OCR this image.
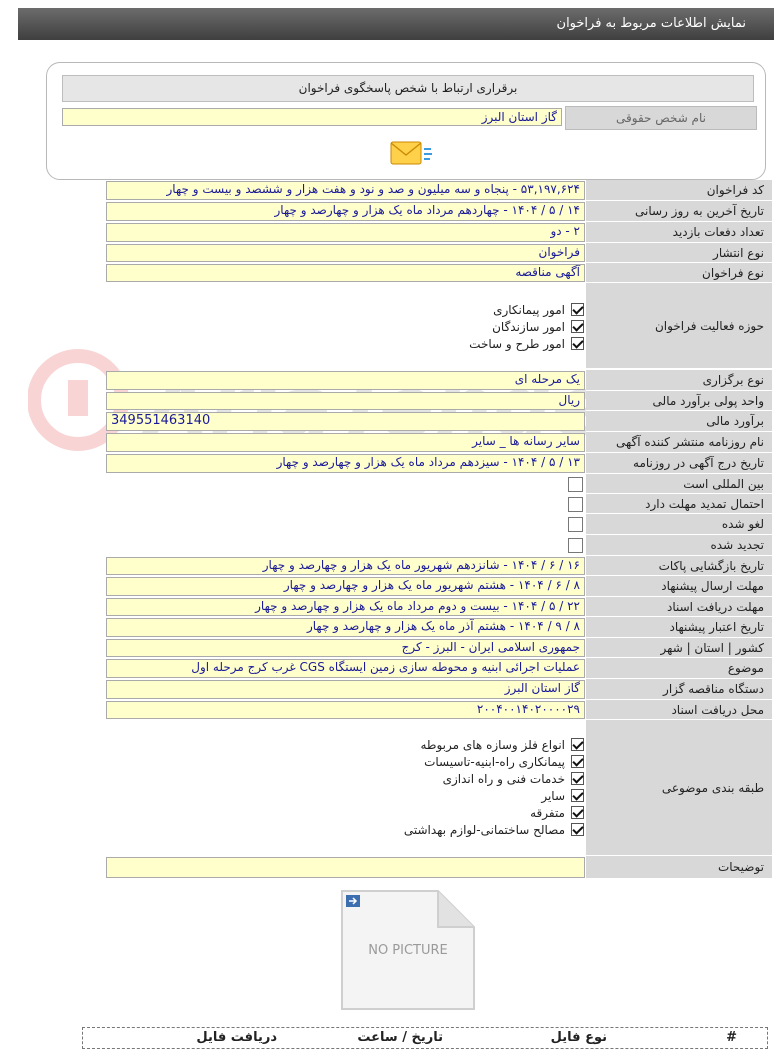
نمایش اطلاعات مربوط به فراخوان
برقراری ارتباط با شخص پاسخگوی فراخوان
نام شخص حقوقی
گاز استان البرز
کد فراخوان
۵۳,۱۹۷,۶۲۴ - پنجاه و سه میلیون و صد و نود و هفت هزار و ششصد و بیست و چهار
تاریخ آخرین به روز رسانی
۱۴ / ۵ / ۱۴۰۴ - چهاردهم مرداد ماه یک هزار و چهارصد و چهار
تعداد دفعات بازدید
۲ - دو
نوع انتشار
فراخوان
نوع فراخوان
آگهی مناقصه
حوزه فعالیت فراخوان
امور پیمانکاری
امور سازندگان
امور طرح و ساخت
نوع برگزاری
یک مرحله ای
واحد پولی برآورد مالی
ریال
برآورد مالی
349551463140
نام روزنامه منتشر کننده آگهی
سایر رسانه ها _ سایر
تاریخ درج آگهی در روزنامه
۱۳ / ۵ / ۱۴۰۴ - سیزدهم مرداد ماه یک هزار و چهارصد و چهار
بین المللی است
احتمال تمدید مهلت دارد
لغو شده
تجدید شده
تاریخ بازگشایی پاکات
۱۶ / ۶ / ۱۴۰۴ - شانزدهم شهریور ماه یک هزار و چهارصد و چهار
مهلت ارسال پیشنهاد
۸ / ۶ / ۱۴۰۴ - هشتم شهریور ماه یک هزار و چهارصد و چهار
مهلت دریافت اسناد
۲۲ / ۵ / ۱۴۰۴ - بیست و دوم مرداد ماه یک هزار و چهارصد و چهار
تاریخ اعتبار پیشنهاد
۸ / ۹ / ۱۴۰۴ - هشتم آذر ماه یک هزار و چهارصد و چهار
کشور | استان | شهر
جمهوری اسلامی ایران - البرز - کرج
موضوع
عملیات اجرائی ابنیه و محوطه سازی زمین ایستگاه CGS غرب کرج مرحله اول
دستگاه مناقصه گزار
گاز استان البرز
محل دریافت اسناد
۲۰۰۴۰۰۱۴۰۲۰۰۰۰۲۹
طبقه بندی موضوعی
انواع فلز وسازه های مربوطه
پیمانکاری راه-ابنیه-تاسیسات
خدمات فنی و راه اندازی
سایر
متفرقه
مصالح ساختمانی-لوازم بهداشتی
توضیحات
NO PICTURE
#
نوع فایل
تاریخ / ساعت
دریافت فایل
